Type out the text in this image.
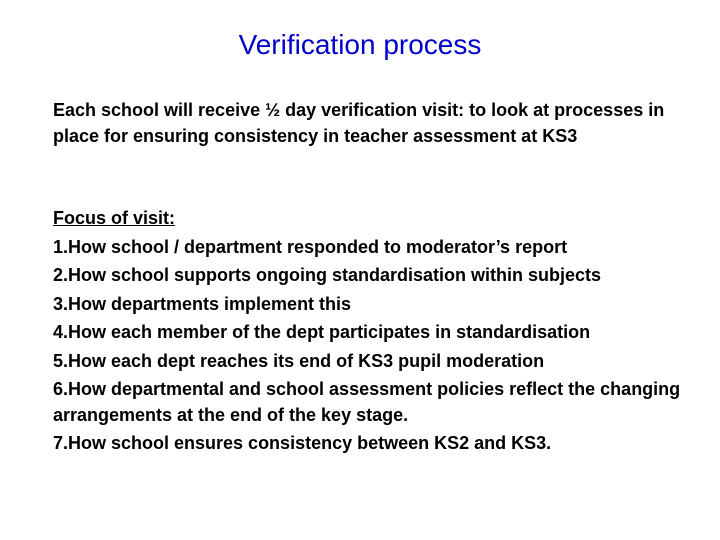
Verification process

Each school will receive ½ day verification visit: to look at processes in place for ensuring consistency in teacher assessment at KS3

Focus of visit:
1.How school / department responded to moderator’s report
2.How school supports ongoing standardisation within subjects
3.How departments implement this
4.How each member of the dept participates in standardisation
5.How each dept reaches its end of KS3 pupil moderation
6.How departmental and school assessment policies reflect the changing arrangements at the end of the key stage.
7.How school ensures consistency between KS2 and KS3.
